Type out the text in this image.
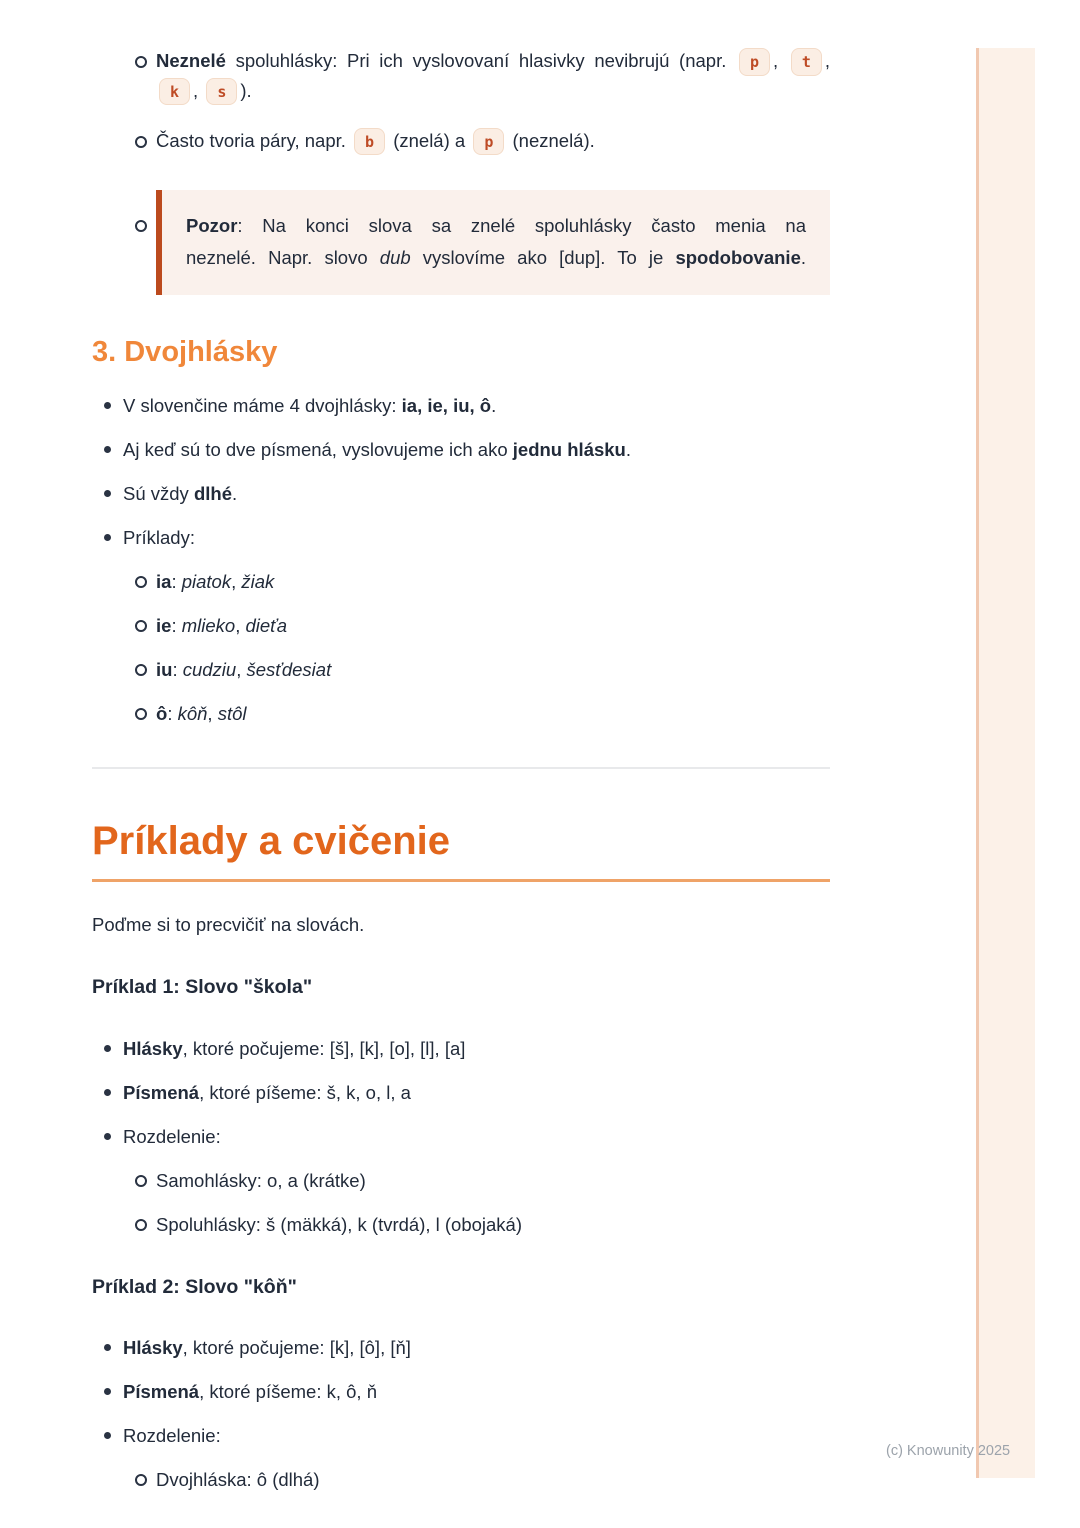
Neznelé spoluhlásky: Pri ich vyslovovaní hlasivky nevibrujú (napr. p , t , k , s ).
Často tvoria páry, napr. b (znelá) a p (neznelá).
Pozor: Na konci slova sa znelé spoluhlásky často menia na neznelé. Napr. slovo dub vyslovíme ako [dup]. To je spodobovanie.
3. Dvojhlásky
V slovenčine máme 4 dvojhlásky: ia, ie, iu, ô.
Aj keď sú to dve písmená, vyslovujeme ich ako jednu hlásku.
Sú vždy dlhé.
Príklady:
ia: piatok, žiak
ie: mlieko, dieťa
iu: cudziu, šesťdesiat
ô: kôň, stôl
Príklady a cvičenie

Poďme si to precvičiť na slovách.

Príklad 1: Slovo "škola"

Hlásky, ktoré počujeme: [š], [k], [o], [l], [a]
Písmená, ktoré píšeme: š, k, o, l, a
Rozdelenie:
Samohlásky: o, a (krátke)
Spoluhlásky: š (mäkká), k (tvrdá), l (obojaká)

Príklad 2: Slovo "kôň"

Hlásky, ktoré počujeme: [k], [ô], [ň]
Písmená, ktoré píšeme: k, ô, ň
Rozdelenie:
Dvojhláska: ô (dlhá)
(c) Knowunity 2025
